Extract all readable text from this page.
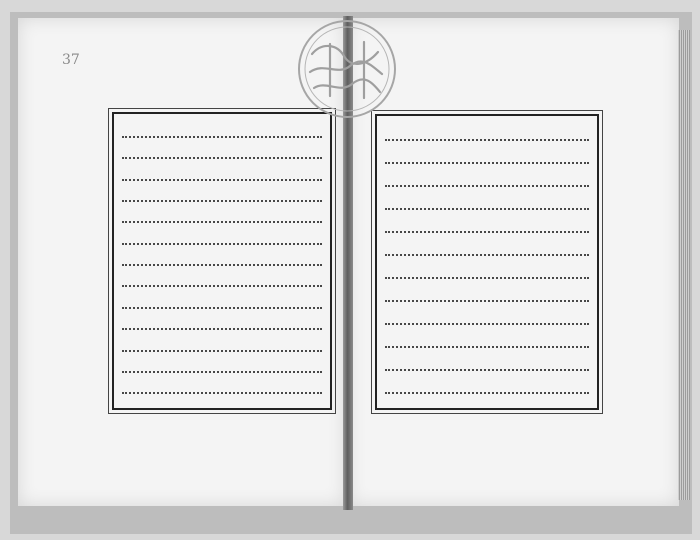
37
